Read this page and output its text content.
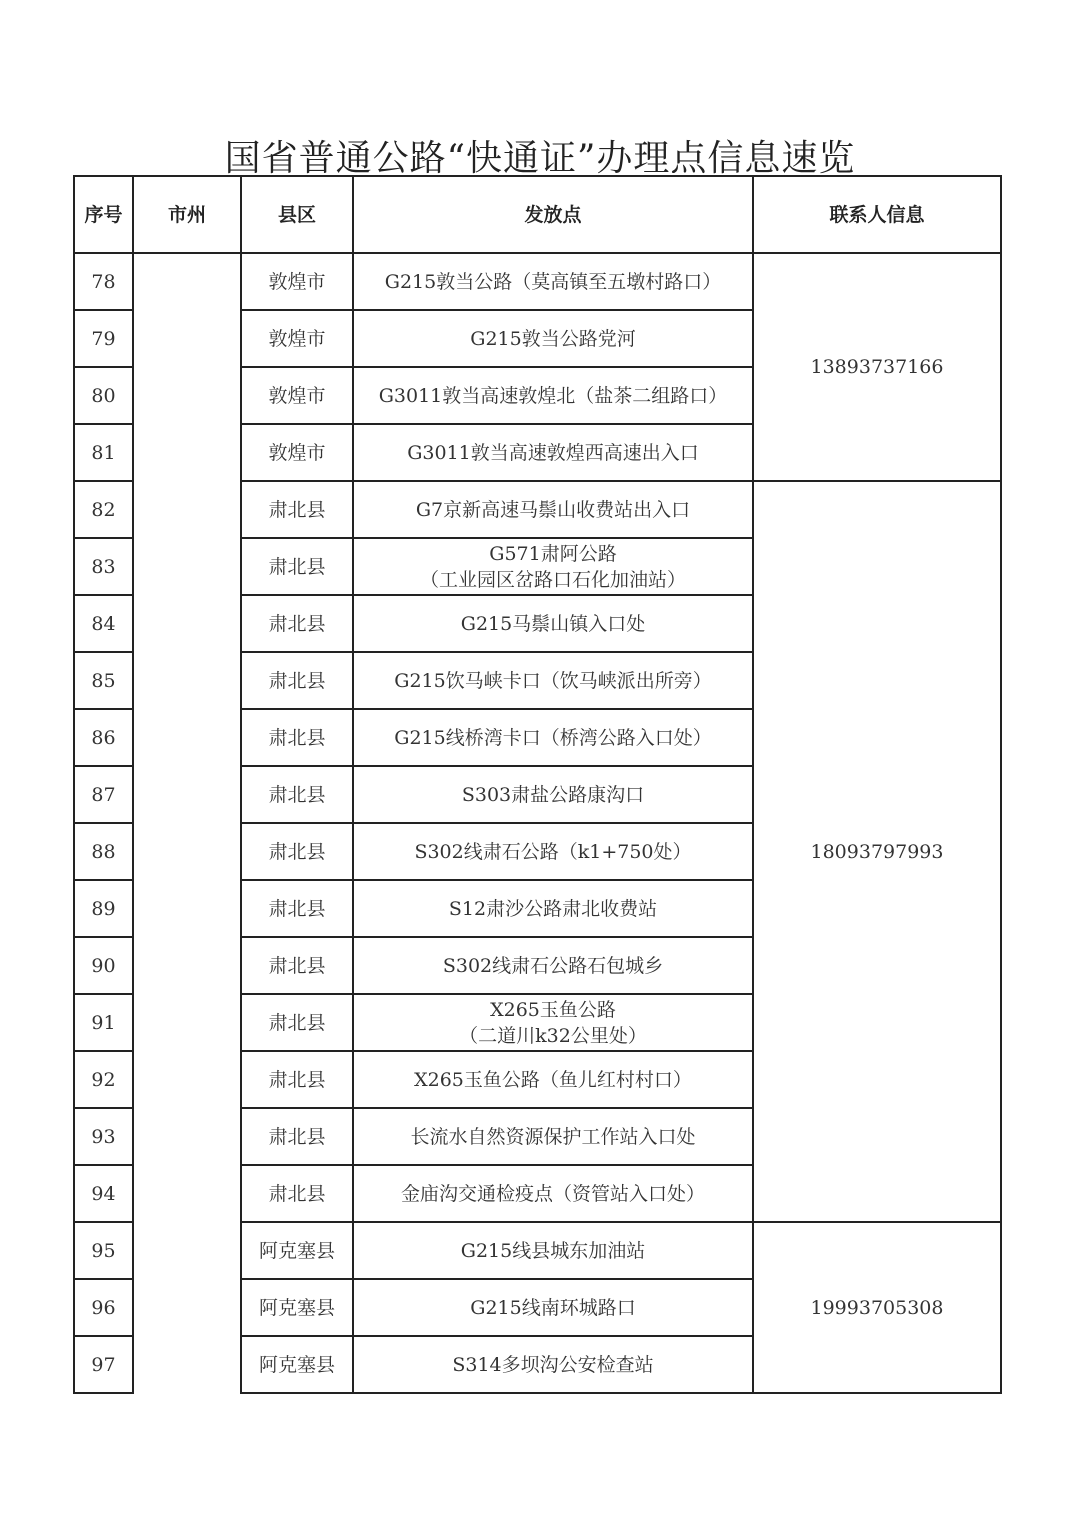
国省普通公路“快通证”办理点信息速览
序号	市州	县区	发放点	联系人信息
78		敦煌市	G215敦当公路（莫高镇至五墩村路口）	13893737166
79		敦煌市	G215敦当公路党河	
80		敦煌市	G3011敦当高速敦煌北（盐茶二组路口）	
81		敦煌市	G3011敦当高速敦煌西高速出入口	
82		肃北县	G7京新高速马鬃山收费站出入口	18093797993
83		肃北县	G571肃阿公路
（工业园区岔路口石化加油站）	
84		肃北县	G215马鬃山镇入口处	
85		肃北县	G215饮马峡卡口（饮马峡派出所旁）	
86		肃北县	G215线桥湾卡口（桥湾公路入口处）	
87		肃北县	S303肃盐公路康沟口	
88		肃北县	S302线肃石公路（k1+750处）	
89		肃北县	S12肃沙公路肃北收费站	
90		肃北县	S302线肃石公路石包城乡	
91		肃北县	X265玉鱼公路
（二道川k32公里处）	
92		肃北县	X265玉鱼公路（鱼儿红村村口）	
93		肃北县	长流水自然资源保护工作站入口处	
94		肃北县	金庙沟交通检疫点（资管站入口处）	
95		阿克塞县	G215线县城东加油站	19993705308
96		阿克塞县	G215线南环城路口	
97		阿克塞县	S314多坝沟公安检查站	
